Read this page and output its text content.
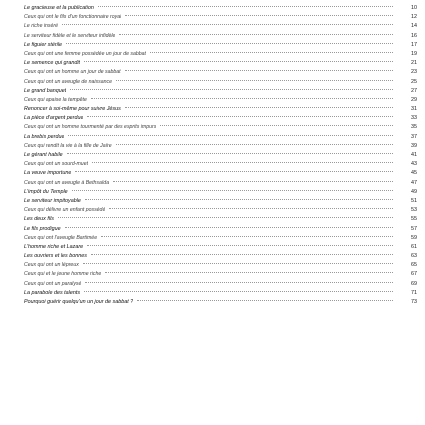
Le gracieuse et la publication	10
Ceux qui ont le fils d'un fonctionnaire royal	12
Le riche inséré	14
Le serviteur fidèle et le serviteur infidèle	16
Le figuier stérile	17
Ceux qui ont une femme possédée un jour de sabbat	19
Le semence qui grandit	21
Ceux qui ont un homme un jour de sabbat	23
Ceux qui ont un aveugle de naissance	25
Le grand banquet	27
Ceux qui apaise la tempête	29
Renoncer à soi-même pour suivre Jésus	31
La pièce d'argent perdue	33
Ceux qui ont un homme tourmenté par des esprits impurs	35
La brebis perdue	37
Ceux qui rendit la vie à la fille de Jaïre	39
Le gérant habile	41
Ceux qui ont un sourd-muet	43
La veuve importune	45
Ceux qui ont un aveugle à Bethsaïda	47
L'impôt du Temple	49
Le serviteur impitoyable	51
Ceux qui délivre un enfant possédé	53
Les deux fils	55
Le fils prodigue	57
Ceux qui ont l'aveugle Bartimée	59
L'homme riche et Lazare	61
Les ouvriers et les bonnes	63
Ceux qui ont un lépreux	65
Ceux qui et le jeune homme riche	67
Ceux qui ont un paralysé	69
La parabole des talents	71
Pourquoi guérir quelqu'un un jour de sabbat ?	73
